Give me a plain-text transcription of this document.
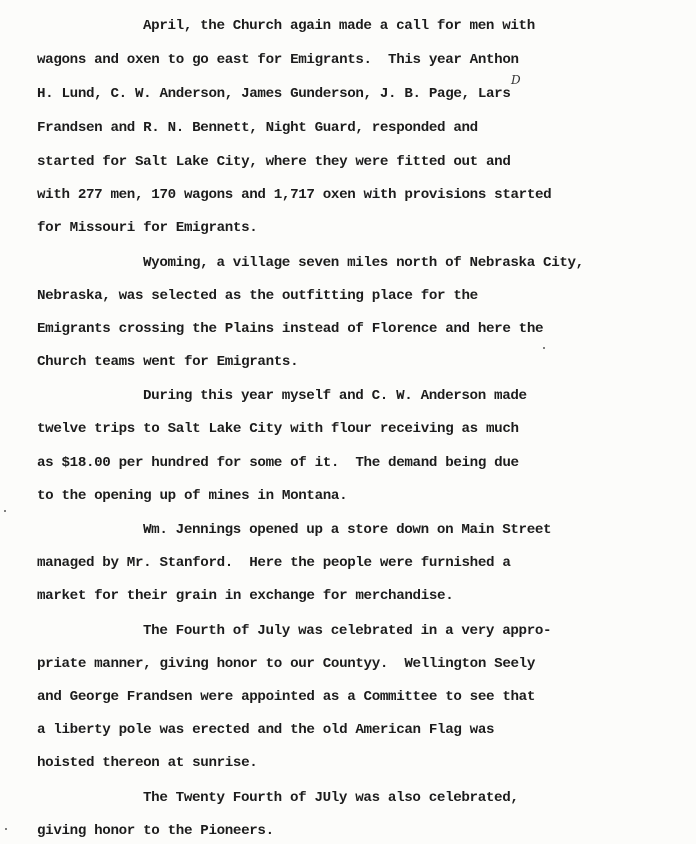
April, the Church again made a call for men with
wagons and oxen to go east for Emigrants.  This year Anthon
H. Lund, C. W. Anderson, James Gunderson, J. B. Page, Lars
Frandsen and R. N. Bennett, Night Guard, responded and
started for Salt Lake City, where they were fitted out and
with 277 men, 170 wagons and 1,717 oxen with provisions started
for Missouri for Emigrants.
Wyoming, a village seven miles north of Nebraska City,
Nebraska, was selected as the outfitting place for the
Emigrants crossing the Plains instead of Florence and here the
Church teams went for Emigrants.
During this year myself and C. W. Anderson made
twelve trips to Salt Lake City with flour receiving as much
as $18.00 per hundred for some of it.  The demand being due
to the opening up of mines in Montana.
Wm. Jennings opened up a store down on Main Street
managed by Mr. Stanford.  Here the people were furnished a
market for their grain in exchange for merchandise.
The Fourth of July was celebrated in a very appro-
priate manner, giving honor to our Countyy.  Wellington Seely
and George Frandsen were appointed as a Committee to see that
a liberty pole was erected and the old American Flag was
hoisted thereon at sunrise.
The Twenty Fourth of JUly was also celebrated,
giving honor to the Pioneers.
D
